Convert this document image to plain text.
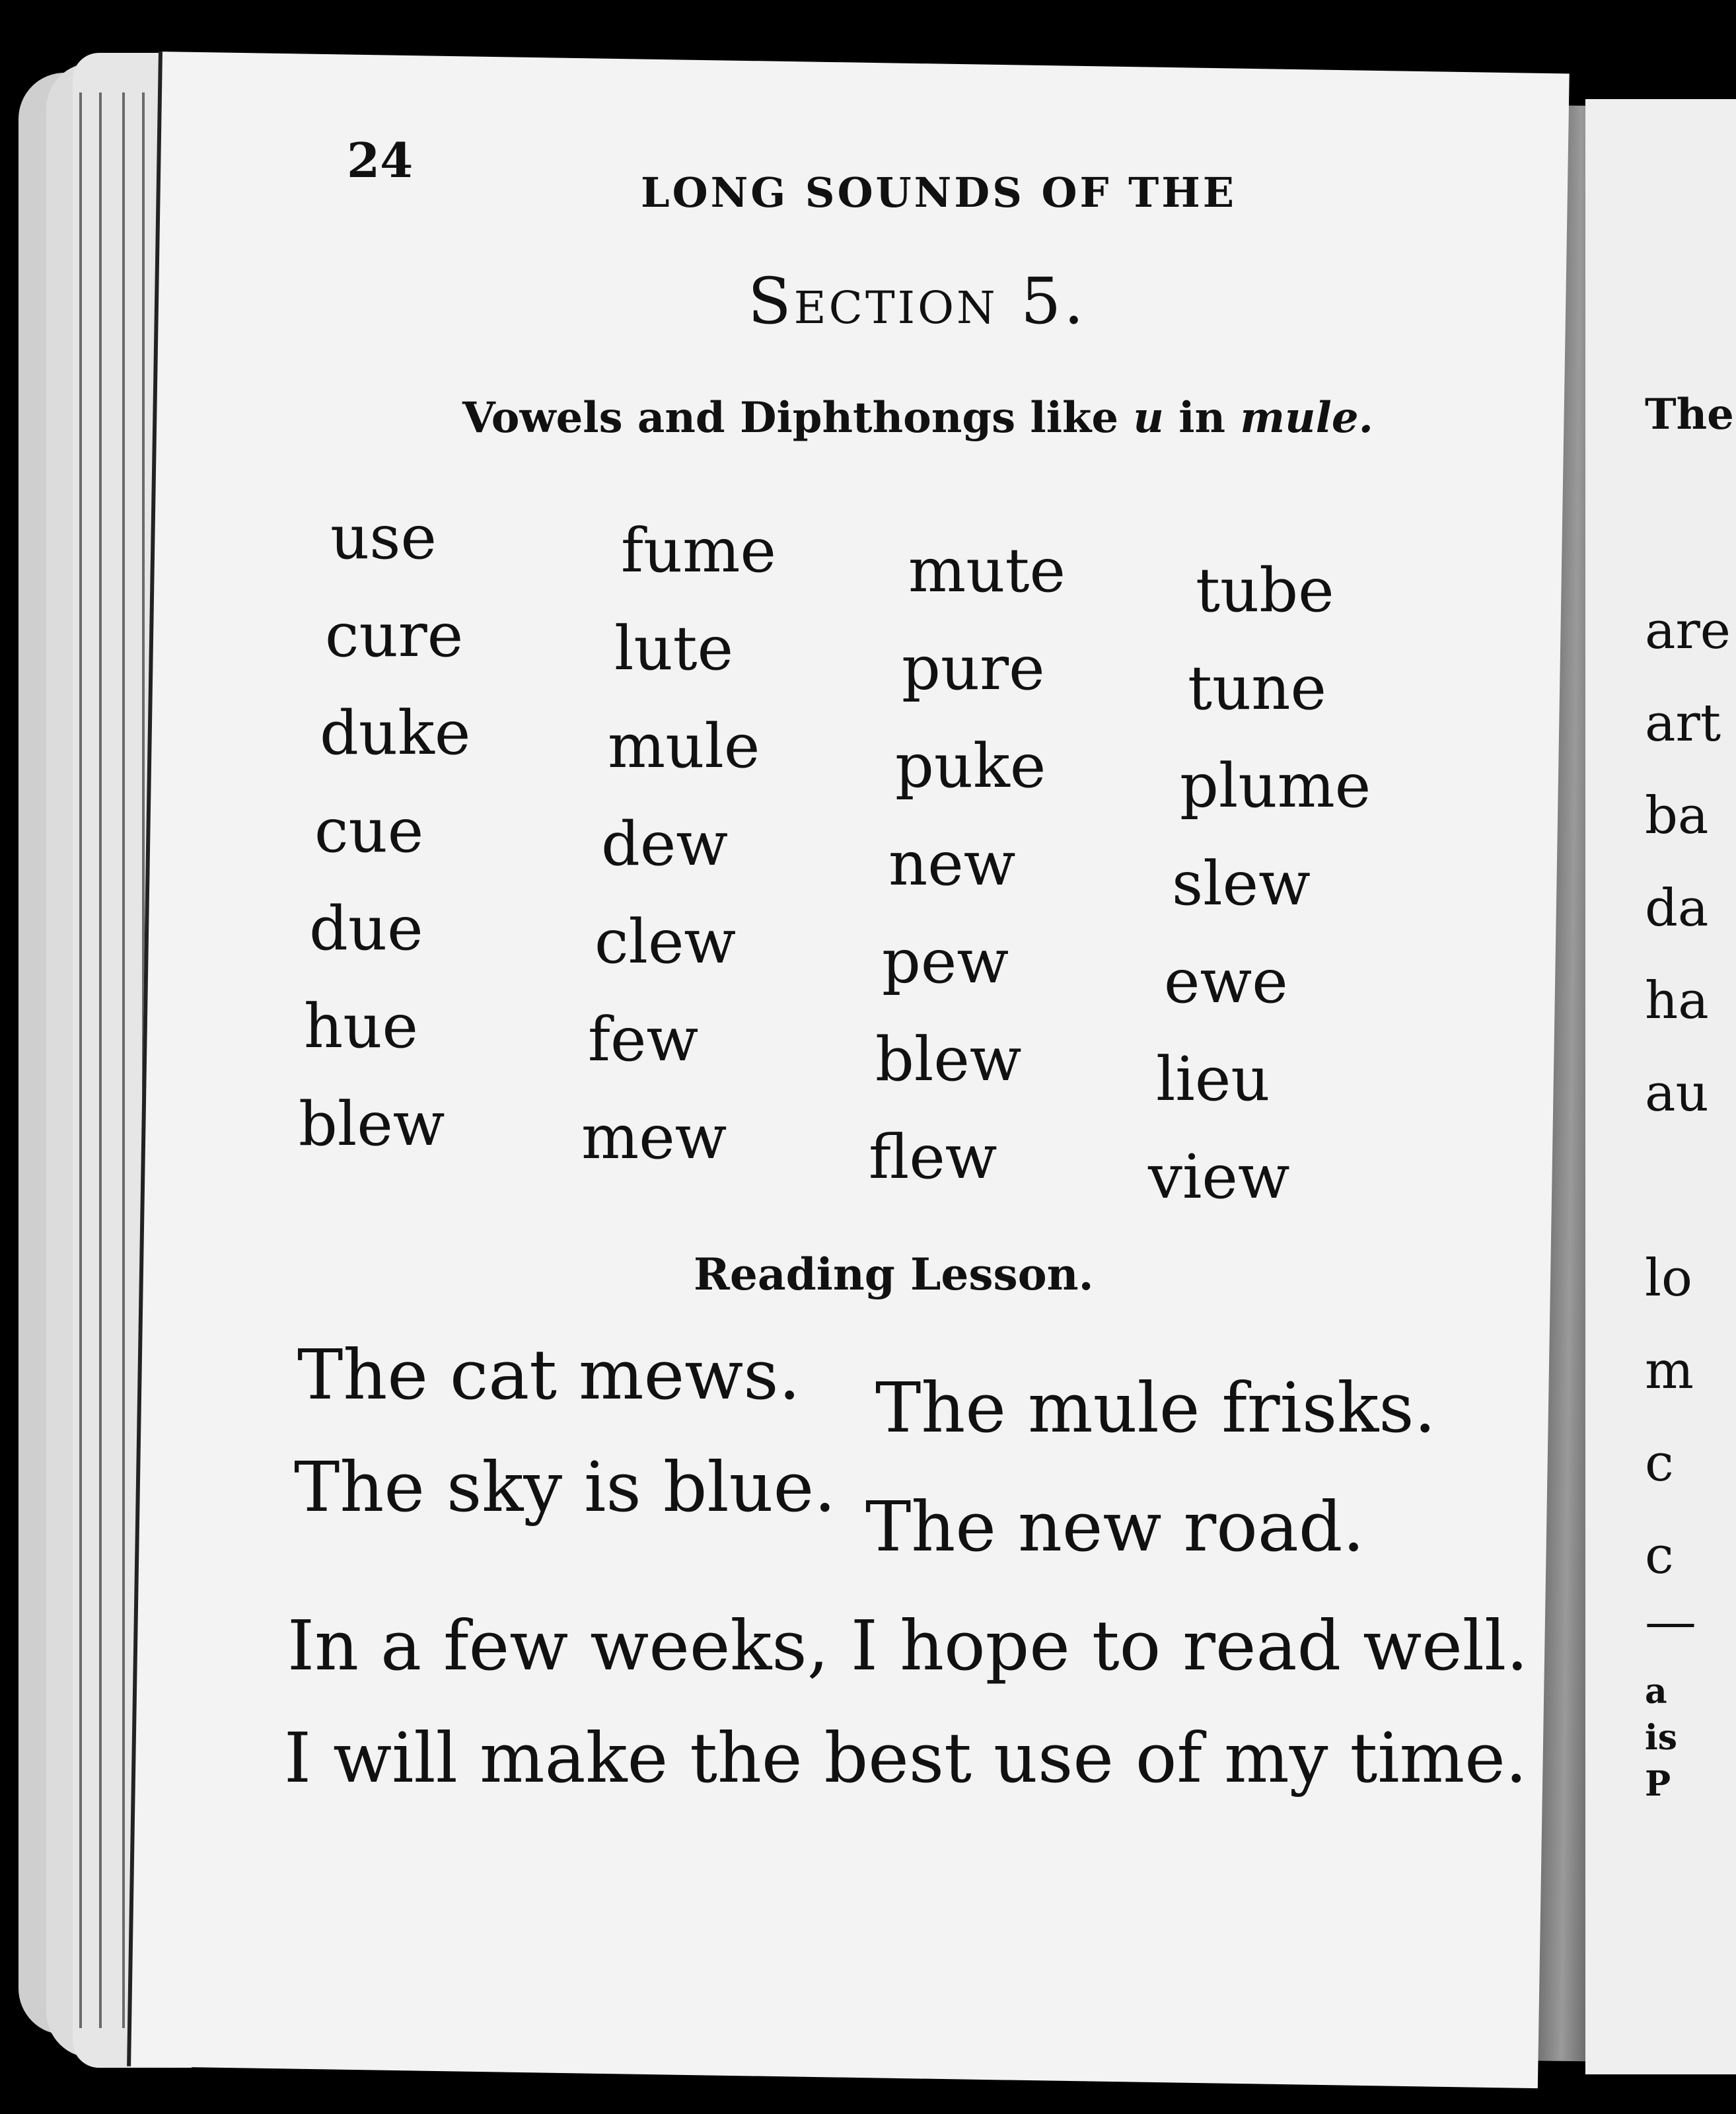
The
are
art
ba
da
ha
au
lo
m
c
c
—
a
is
P
24
LONG SOUNDS OF THE
Section 5.
Vowels and Diphthongs like u in mule.
use
cure
duke
cue
due
hue
blew
fume
lute
mule
dew
clew
few
mew
mute
pure
puke
new
pew
blew
flew
tube
tune
plume
slew
ewe
lieu
view
Reading Lesson.
The cat mews. The mule frisks.
The sky is blue. The new road.
In a few weeks, I hope to read well.
I will make the best use of my time.
